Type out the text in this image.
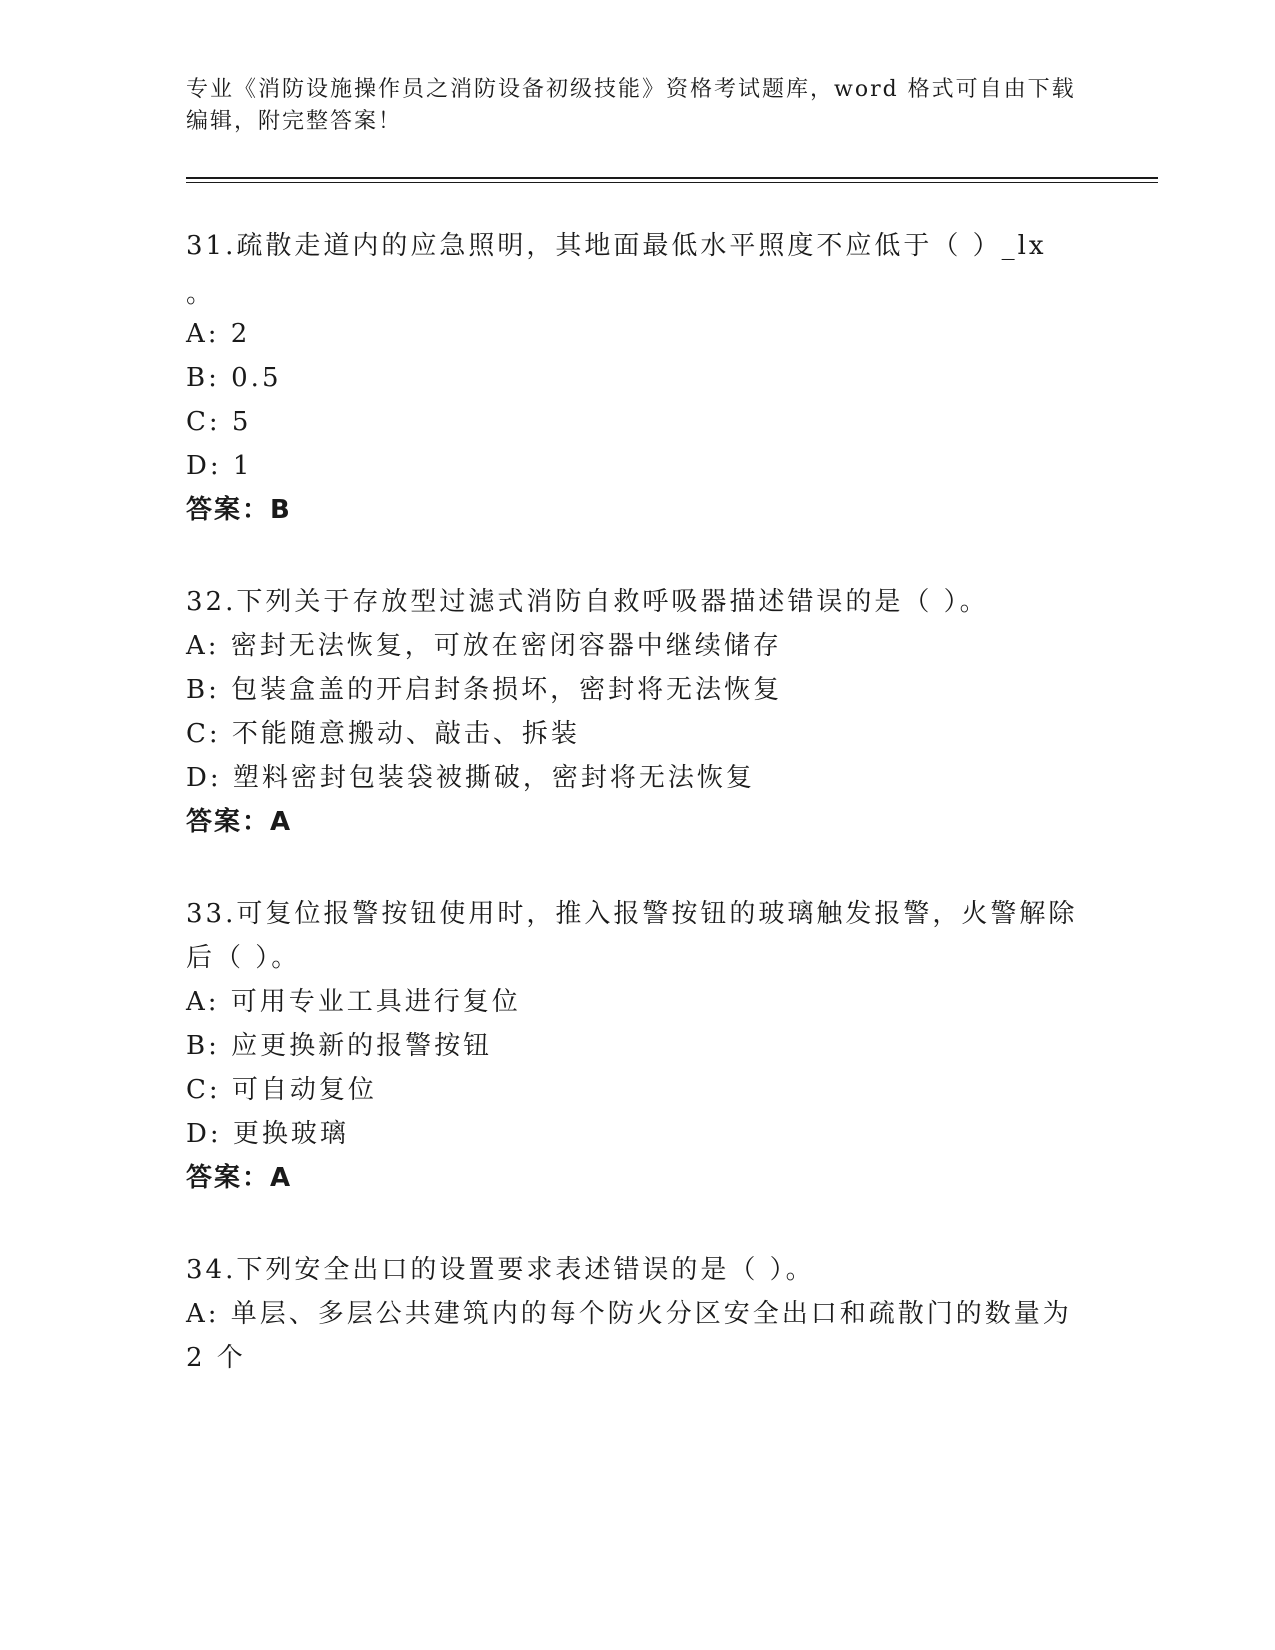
专业《消防设施操作员之消防设备初级技能》资格考试题库，word 格式可自由下载编辑，附完整答案！
31.疏散走道内的应急照明，其地面最低水平照度不应低于（ ）_lx
。
A: 2
B: 0.5
C: 5
D: 1
答案：B
32.下列关于存放型过滤式消防自救呼吸器描述错误的是（ ）。
A: 密封无法恢复，可放在密闭容器中继续储存
B: 包装盒盖的开启封条损坏，密封将无法恢复
C: 不能随意搬动、敲击、拆装
D: 塑料密封包装袋被撕破，密封将无法恢复
答案：A
33.可复位报警按钮使用时，推入报警按钮的玻璃触发报警，火警解除
后（ ）。
A: 可用专业工具进行复位
B: 应更换新的报警按钮
C: 可自动复位
D: 更换玻璃
答案：A
34.下列安全出口的设置要求表述错误的是（ ）。
A: 单层、多层公共建筑内的每个防火分区安全出口和疏散门的数量为
2 个
